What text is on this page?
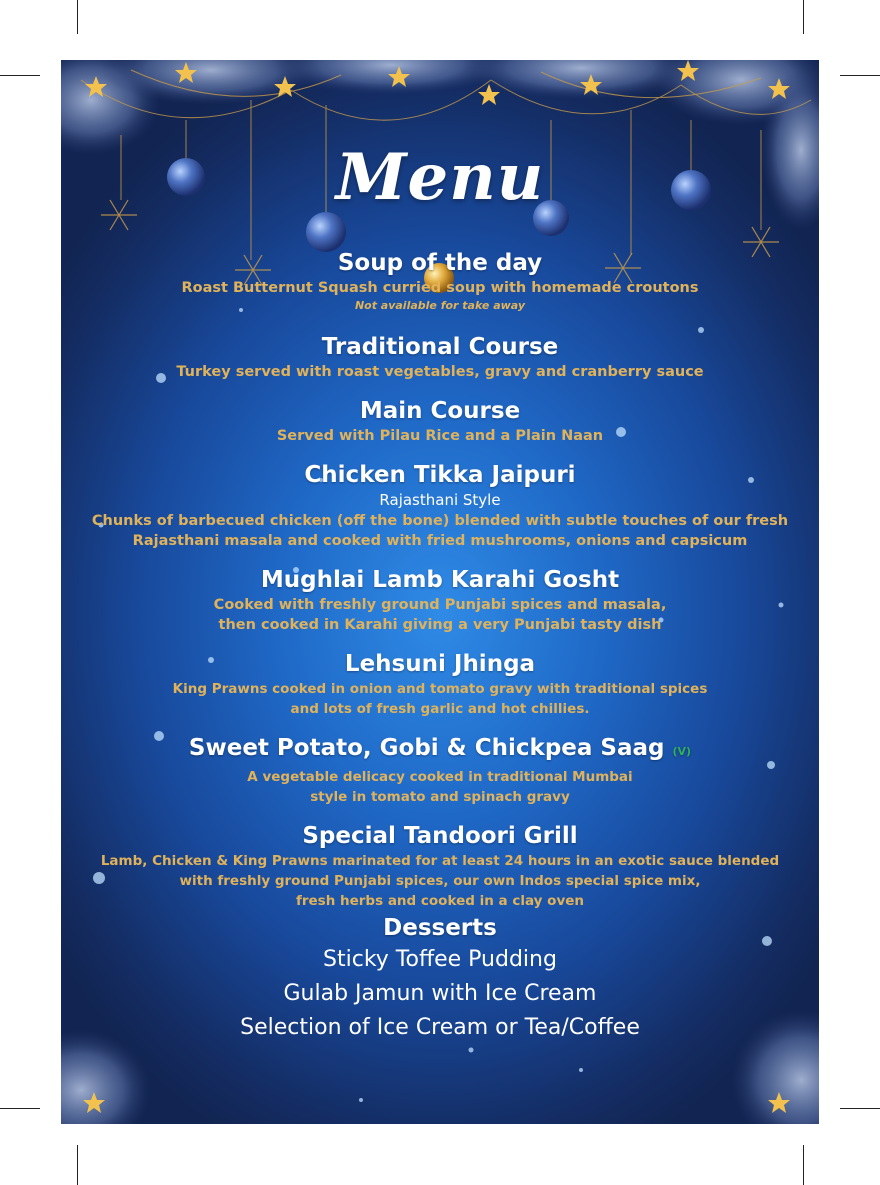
Menu
Soup of the day
Roast Butternut Squash curried soup with homemade croutons
Not available for take away
Traditional Course
Turkey served with roast vegetables, gravy and cranberry sauce
Main Course
Served with Pilau Rice and a Plain Naan
Chicken Tikka Jaipuri
Rajasthani Style
Chunks of barbecued chicken (off the bone) blended with subtle touches of our fresh
Rajasthani masala and cooked with fried mushrooms, onions and capsicum
Mughlai Lamb Karahi Gosht
Cooked with freshly ground Punjabi spices and masala,
then cooked in Karahi giving a very Punjabi tasty dish
Lehsuni Jhinga
King Prawns cooked in onion and tomato gravy with traditional spices
and lots of fresh garlic and hot chillies.
Sweet Potato, Gobi & Chickpea Saag (V)
A vegetable delicacy cooked in traditional Mumbai
style in tomato and spinach gravy
Special Tandoori Grill
Lamb, Chicken & King Prawns marinated for at least 24 hours in an exotic sauce blended
with freshly ground Punjabi spices, our own Indos special spice mix,
fresh herbs and cooked in a clay oven
Desserts
Sticky Toffee Pudding
Gulab Jamun with Ice Cream
Selection of Ice Cream or Tea/Coffee
